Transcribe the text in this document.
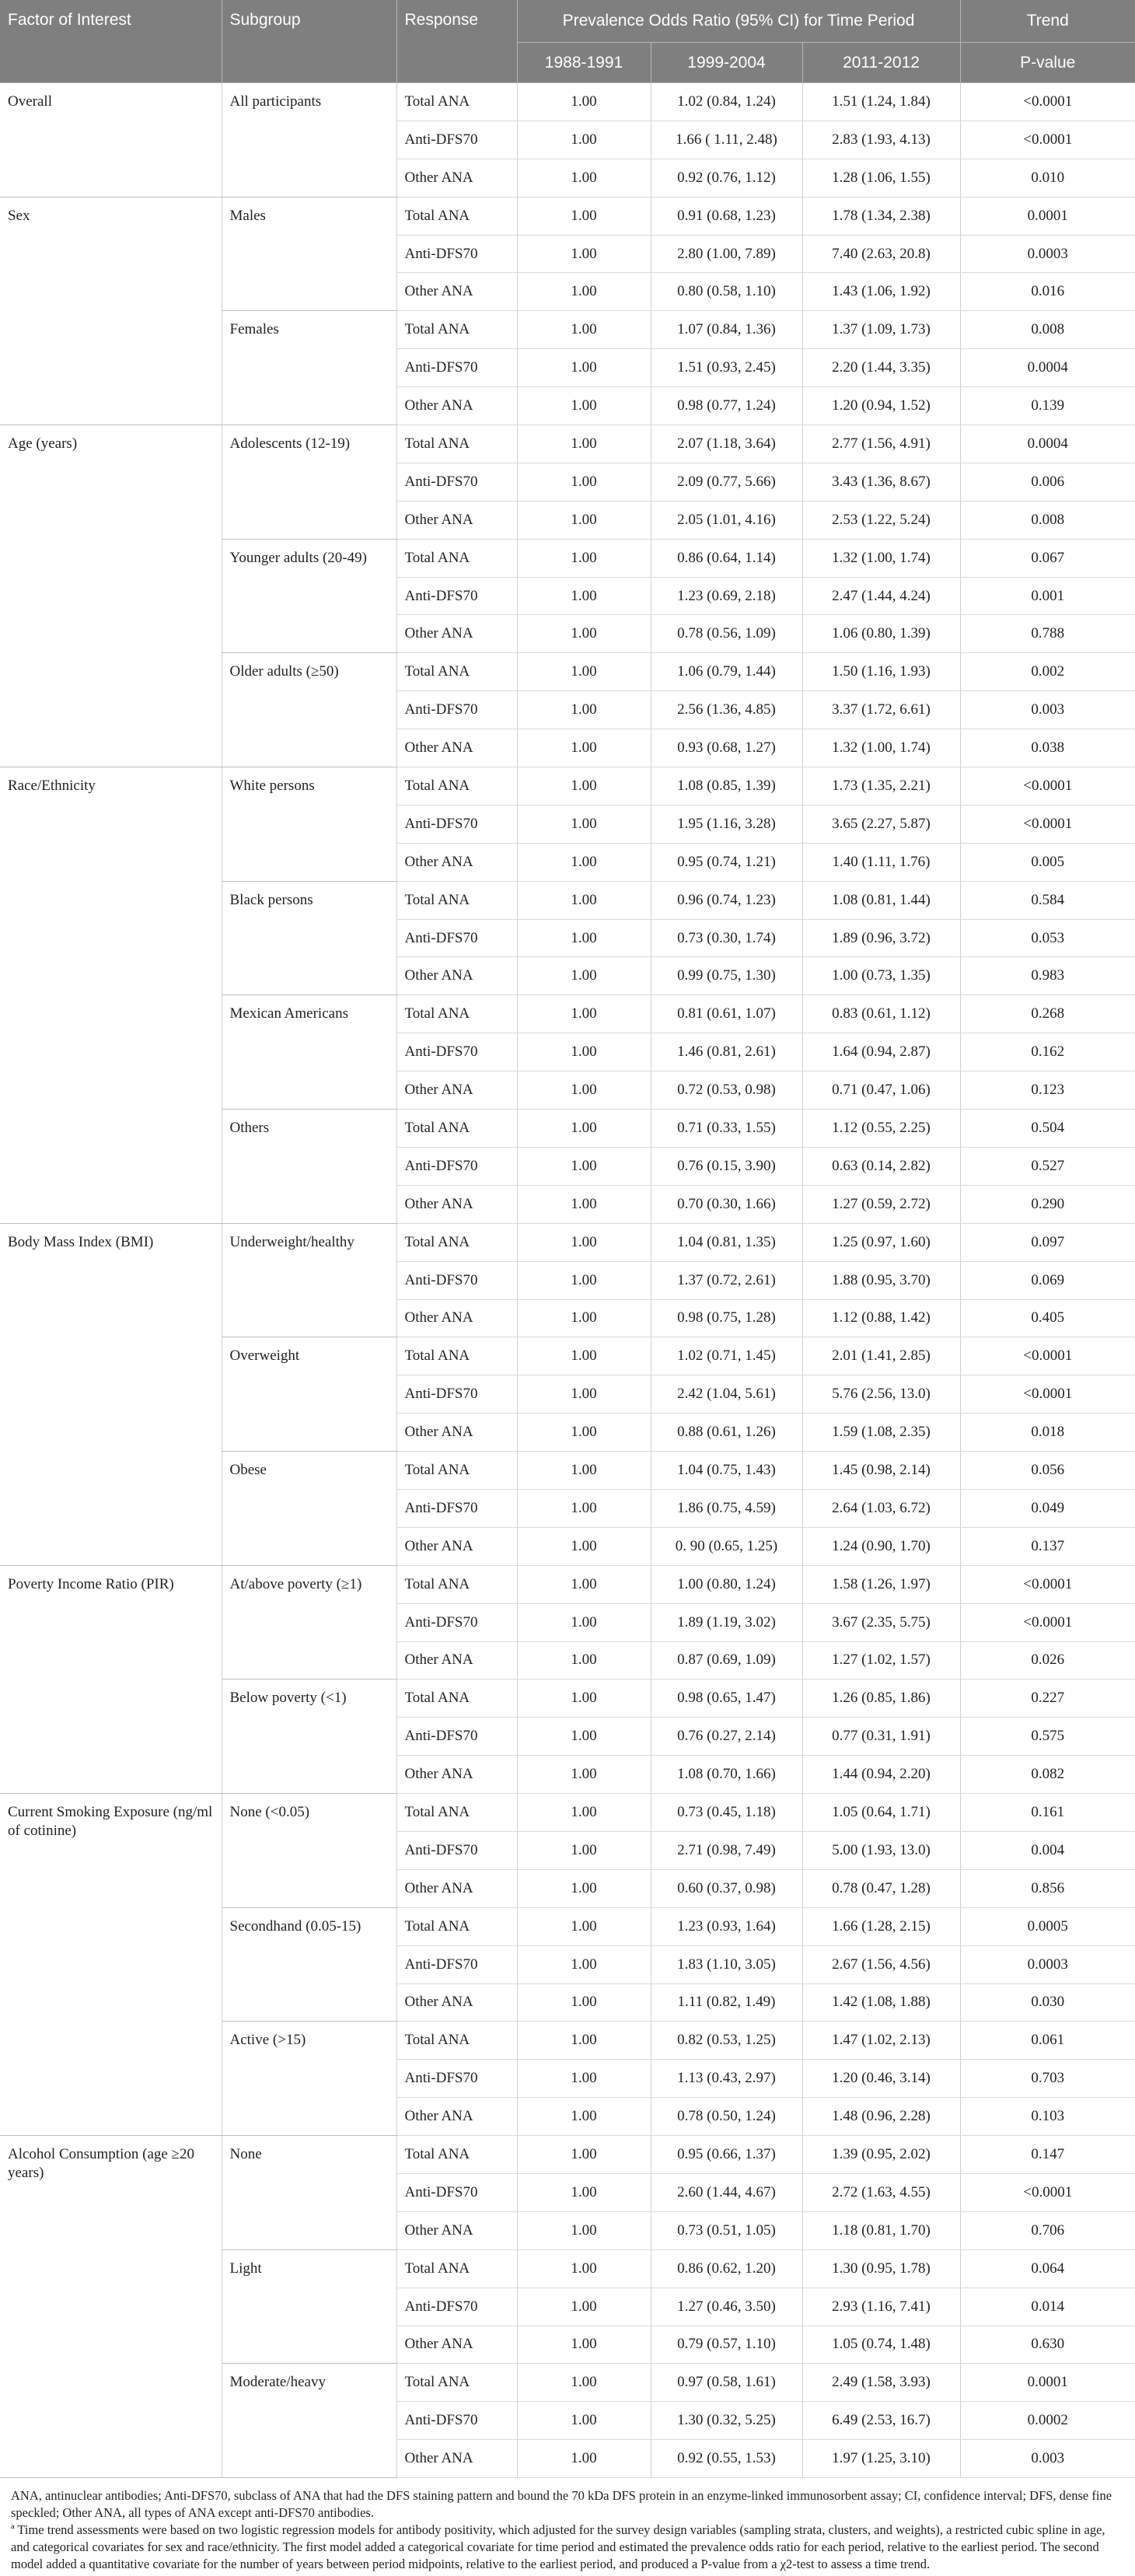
Factor of Interest	Subgroup	Response	Prevalence Odds Ratio (95% CI) for Time Period			Trend
			1988-1991	1999-2004	2011-2012	P-value
Overall	All participants	Total ANA	1.00	1.02 (0.84, 1.24)	1.51 (1.24, 1.84)	<0.0001
		Anti-DFS70	1.00	1.66 ( 1.11, 2.48)	2.83 (1.93, 4.13)	<0.0001
		Other ANA	1.00	0.92 (0.76, 1.12)	1.28 (1.06, 1.55)	0.010
Sex	Males	Total ANA	1.00	0.91 (0.68, 1.23)	1.78 (1.34, 2.38)	0.0001
		Anti-DFS70	1.00	2.80 (1.00, 7.89)	7.40 (2.63, 20.8)	0.0003
		Other ANA	1.00	0.80 (0.58, 1.10)	1.43 (1.06, 1.92)	0.016
	Females	Total ANA	1.00	1.07 (0.84, 1.36)	1.37 (1.09, 1.73)	0.008
		Anti-DFS70	1.00	1.51 (0.93, 2.45)	2.20 (1.44, 3.35)	0.0004
		Other ANA	1.00	0.98 (0.77, 1.24)	1.20 (0.94, 1.52)	0.139
Age (years)	Adolescents (12-19)	Total ANA	1.00	2.07 (1.18, 3.64)	2.77 (1.56, 4.91)	0.0004
		Anti-DFS70	1.00	2.09 (0.77, 5.66)	3.43 (1.36, 8.67)	0.006
		Other ANA	1.00	2.05 (1.01, 4.16)	2.53 (1.22, 5.24)	0.008
	Younger adults (20-49)	Total ANA	1.00	0.86 (0.64, 1.14)	1.32 (1.00, 1.74)	0.067
		Anti-DFS70	1.00	1.23 (0.69, 2.18)	2.47 (1.44, 4.24)	0.001
		Other ANA	1.00	0.78 (0.56, 1.09)	1.06 (0.80, 1.39)	0.788
	Older adults (≥50)	Total ANA	1.00	1.06 (0.79, 1.44)	1.50 (1.16, 1.93)	0.002
		Anti-DFS70	1.00	2.56 (1.36, 4.85)	3.37 (1.72, 6.61)	0.003
		Other ANA	1.00	0.93 (0.68, 1.27)	1.32 (1.00, 1.74)	0.038
Race/Ethnicity	White persons	Total ANA	1.00	1.08 (0.85, 1.39)	1.73 (1.35, 2.21)	<0.0001
		Anti-DFS70	1.00	1.95 (1.16, 3.28)	3.65 (2.27, 5.87)	<0.0001
		Other ANA	1.00	0.95 (0.74, 1.21)	1.40 (1.11, 1.76)	0.005
	Black persons	Total ANA	1.00	0.96 (0.74, 1.23)	1.08 (0.81, 1.44)	0.584
		Anti-DFS70	1.00	0.73 (0.30, 1.74)	1.89 (0.96, 3.72)	0.053
		Other ANA	1.00	0.99 (0.75, 1.30)	1.00 (0.73, 1.35)	0.983
	Mexican Americans	Total ANA	1.00	0.81 (0.61, 1.07)	0.83 (0.61, 1.12)	0.268
		Anti-DFS70	1.00	1.46 (0.81, 2.61)	1.64 (0.94, 2.87)	0.162
		Other ANA	1.00	0.72 (0.53, 0.98)	0.71 (0.47, 1.06)	0.123
	Others	Total ANA	1.00	0.71 (0.33, 1.55)	1.12 (0.55, 2.25)	0.504
		Anti-DFS70	1.00	0.76 (0.15, 3.90)	0.63 (0.14, 2.82)	0.527
		Other ANA	1.00	0.70 (0.30, 1.66)	1.27 (0.59, 2.72)	0.290
Body Mass Index (BMI)	Underweight/healthy	Total ANA	1.00	1.04 (0.81, 1.35)	1.25 (0.97, 1.60)	0.097
		Anti-DFS70	1.00	1.37 (0.72, 2.61)	1.88 (0.95, 3.70)	0.069
		Other ANA	1.00	0.98 (0.75, 1.28)	1.12 (0.88, 1.42)	0.405
	Overweight	Total ANA	1.00	1.02 (0.71, 1.45)	2.01 (1.41, 2.85)	<0.0001
		Anti-DFS70	1.00	2.42 (1.04, 5.61)	5.76 (2.56, 13.0)	<0.0001
		Other ANA	1.00	0.88 (0.61, 1.26)	1.59 (1.08, 2.35)	0.018
	Obese	Total ANA	1.00	1.04 (0.75, 1.43)	1.45 (0.98, 2.14)	0.056
		Anti-DFS70	1.00	1.86 (0.75, 4.59)	2.64 (1.03, 6.72)	0.049
		Other ANA	1.00	0. 90 (0.65, 1.25)	1.24 (0.90, 1.70)	0.137
Poverty Income Ratio (PIR)	At/above poverty (≥1)	Total ANA	1.00	1.00 (0.80, 1.24)	1.58 (1.26, 1.97)	<0.0001
		Anti-DFS70	1.00	1.89 (1.19, 3.02)	3.67 (2.35, 5.75)	<0.0001
		Other ANA	1.00	0.87 (0.69, 1.09)	1.27 (1.02, 1.57)	0.026
	Below poverty (<1)	Total ANA	1.00	0.98 (0.65, 1.47)	1.26 (0.85, 1.86)	0.227
		Anti-DFS70	1.00	0.76 (0.27, 2.14)	0.77 (0.31, 1.91)	0.575
		Other ANA	1.00	1.08 (0.70, 1.66)	1.44 (0.94, 2.20)	0.082
Current Smoking Exposure (ng/ml of cotinine)	None (<0.05)	Total ANA	1.00	0.73 (0.45, 1.18)	1.05 (0.64, 1.71)	0.161
		Anti-DFS70	1.00	2.71 (0.98, 7.49)	5.00 (1.93, 13.0)	0.004
		Other ANA	1.00	0.60 (0.37, 0.98)	0.78 (0.47, 1.28)	0.856
	Secondhand (0.05-15)	Total ANA	1.00	1.23 (0.93, 1.64)	1.66 (1.28, 2.15)	0.0005
		Anti-DFS70	1.00	1.83 (1.10, 3.05)	2.67 (1.56, 4.56)	0.0003
		Other ANA	1.00	1.11 (0.82, 1.49)	1.42 (1.08, 1.88)	0.030
	Active (>15)	Total ANA	1.00	0.82 (0.53, 1.25)	1.47 (1.02, 2.13)	0.061
		Anti-DFS70	1.00	1.13 (0.43, 2.97)	1.20 (0.46, 3.14)	0.703
		Other ANA	1.00	0.78 (0.50, 1.24)	1.48 (0.96, 2.28)	0.103
Alcohol Consumption (age ≥20 years)	None	Total ANA	1.00	0.95 (0.66, 1.37)	1.39 (0.95, 2.02)	0.147
		Anti-DFS70	1.00	2.60 (1.44, 4.67)	2.72 (1.63, 4.55)	<0.0001
		Other ANA	1.00	0.73 (0.51, 1.05)	1.18 (0.81, 1.70)	0.706
	Light	Total ANA	1.00	0.86 (0.62, 1.20)	1.30 (0.95, 1.78)	0.064
		Anti-DFS70	1.00	1.27 (0.46, 3.50)	2.93 (1.16, 7.41)	0.014
		Other ANA	1.00	0.79 (0.57, 1.10)	1.05 (0.74, 1.48)	0.630
	Moderate/heavy	Total ANA	1.00	0.97 (0.58, 1.61)	2.49 (1.58, 3.93)	0.0001
		Anti-DFS70	1.00	1.30 (0.32, 5.25)	6.49 (2.53, 16.7)	0.0002
		Other ANA	1.00	0.92 (0.55, 1.53)	1.97 (1.25, 3.10)	0.003

ANA, antinuclear antibodies; Anti-DFS70, subclass of ANA that had the DFS staining pattern and bound the 70 kDa DFS protein in an enzyme-linked immunosorbent assay; CI, confidence interval; DFS, dense fine speckled; Other ANA, all types of ANA except anti-DFS70 antibodies.

ª Time trend assessments were based on two logistic regression models for antibody positivity, which adjusted for the survey design variables (sampling strata, clusters, and weights), a restricted cubic spline in age, and categorical covariates for sex and race/ethnicity. The first model added a categorical covariate for time period and estimated the prevalence odds ratio for each period, relative to the earliest period. The second model added a quantitative covariate for the number of years between period midpoints, relative to the earliest period, and produced a P-value from a χ2-test to assess a time trend.
